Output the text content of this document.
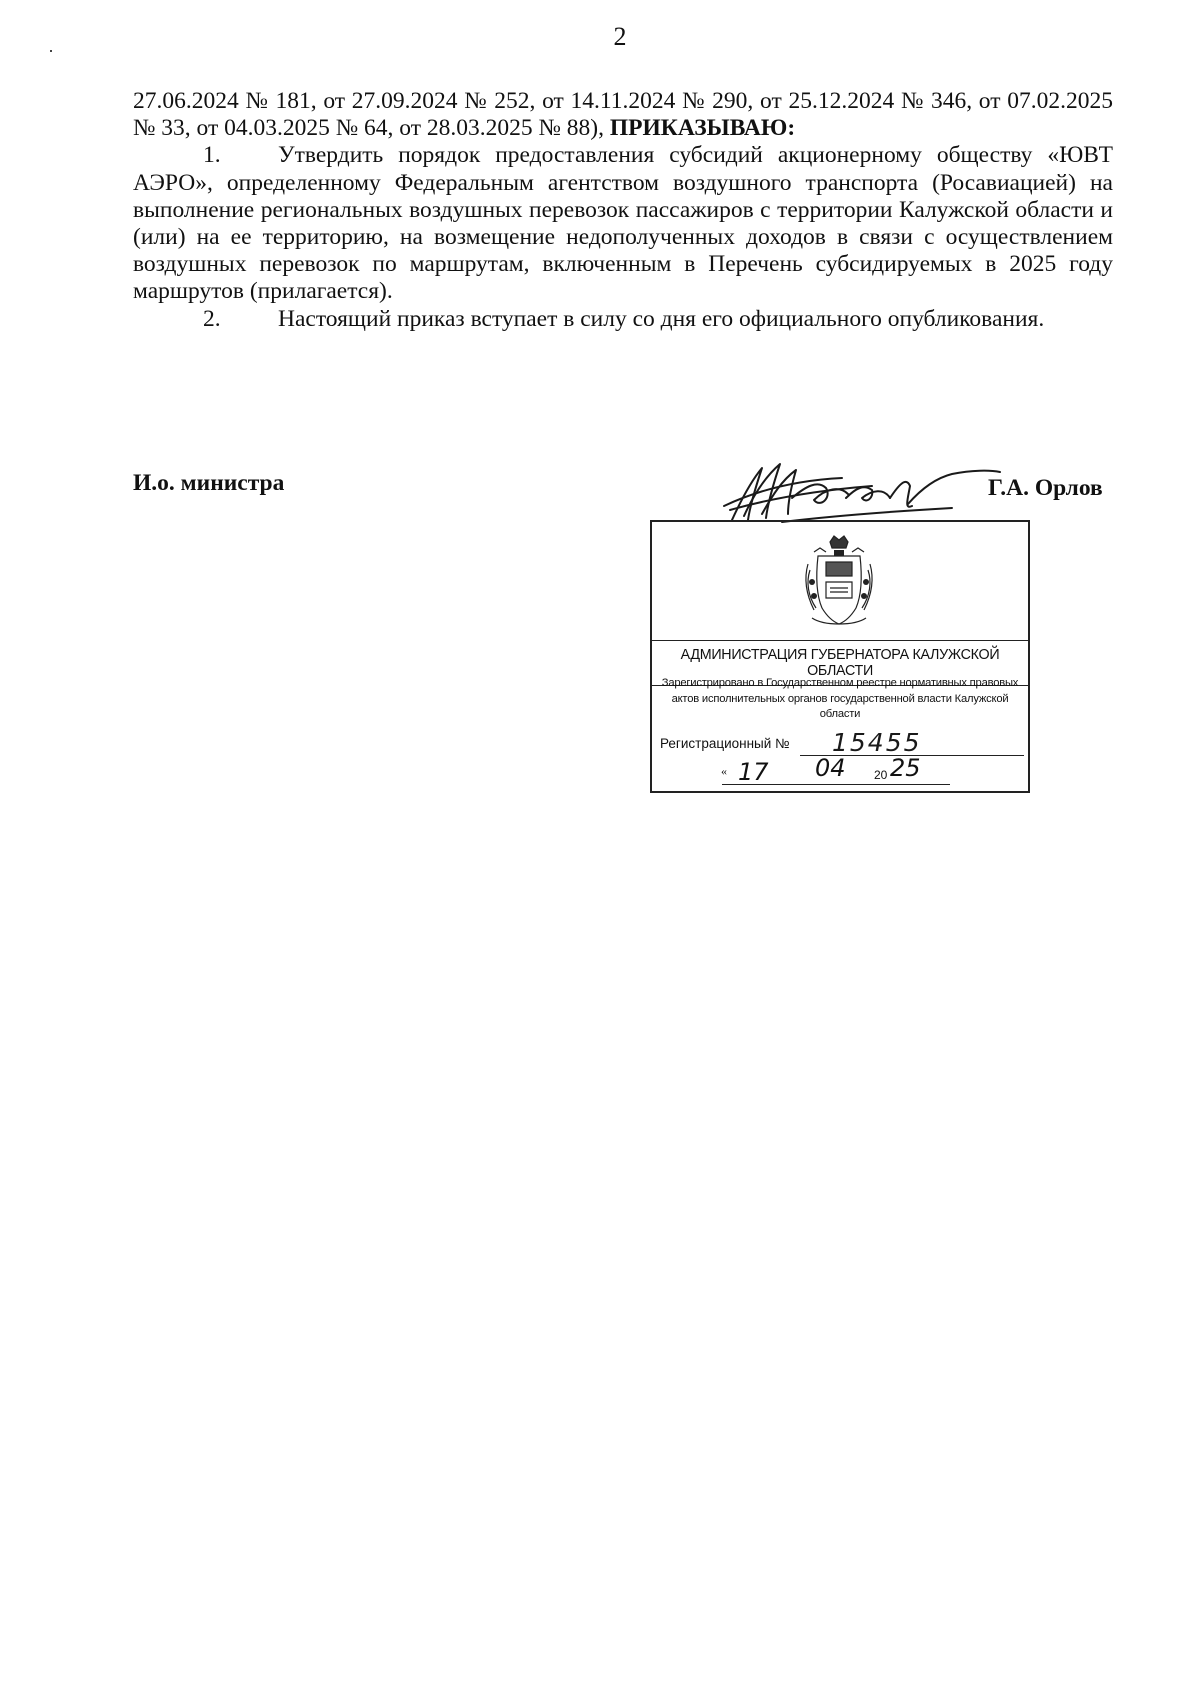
2

27.06.2024 № 181, от 27.09.2024 № 252, от 14.11.2024 № 290, от 25.12.2024 № 346, от 07.02.2025 № 33, от 04.03.2025 № 64, от 28.03.2025 № 88), ПРИКАЗЫВАЮ:

1. Утвердить порядок предоставления субсидий акционерному обществу «ЮВТ АЭРО», определенному Федеральным агентством воздушного транспорта (Росавиацией) на выполнение региональных воздушных перевозок пассажиров с территории Калужской области и (или) на ее территорию, на возмещение недополученных доходов в связи с осуществлением воздушных перевозок по маршрутам, включенным в Перечень субсидируемых в 2025 году маршрутов (прилагается).

2. Настоящий приказ вступает в силу со дня его официального опубликования.

И.о. министра	Г.А. Орлов
АДМИНИСТРАЦИЯ ГУБЕРНАТОРА КАЛУЖСКОЙ ОБЛАСТИ
Зарегистрировано в Государственном реестре нормативных правовых актов исполнительных органов государственной власти Калужской области
Регистрационный № 15455
« 17 04 20 25
